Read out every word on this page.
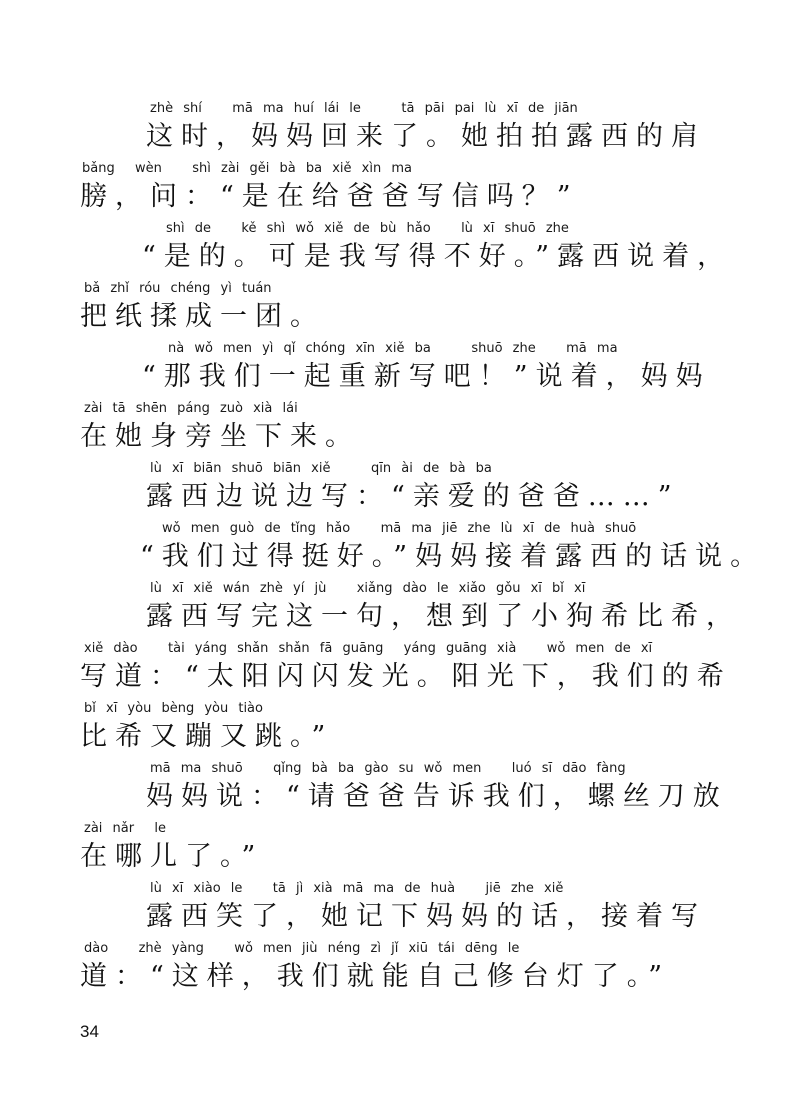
zhè shí   mā ma huí lái le    tā pāi pai lù xī de jiān
这时，妈妈回来了。她拍拍露西的肩
bǎng  wèn   shì zài gěi bà ba xiě xìn ma
膀，问：“是在给爸爸写信吗？”
shì de   kě shì wǒ xiě de bù hǎo   lù xī shuō zhe
“是的。可是我写得不好。”露西说着，
bǎ zhǐ róu chéng yì tuán
把纸揉成一团。
nà wǒ men yì qǐ chóng xīn xiě ba    shuō zhe   mā ma
“那我们一起重新写吧！”说着，妈妈
zài tā shēn páng zuò xià lái
在她身旁坐下来。
lù xī biān shuō biān xiě    qīn ài de bà ba
露西边说边写：“亲爱的爸爸……”
wǒ men guò de tǐng hǎo   mā ma jiē zhe lù xī de huà shuō
“我们过得挺好。”妈妈接着露西的话说。
lù xī xiě wán zhè yí jù   xiǎng dào le xiǎo gǒu xī bǐ xī
露西写完这一句，想到了小狗希比希，
xiě dào   tài yáng shǎn shǎn fā guāng  yáng guāng xià   wǒ men de xī
写道：“太阳闪闪发光。阳光下，我们的希
bǐ xī yòu bèng yòu tiào
比希又蹦又跳。”
mā ma shuō   qǐng bà ba gào su wǒ men   luó sī dāo fàng
妈妈说：“请爸爸告诉我们，螺丝刀放
zài nǎr  le
在哪儿了。”
lù xī xiào le   tā jì xià mā ma de huà   jiē zhe xiě
露西笑了，她记下妈妈的话，接着写
dào   zhè yàng   wǒ men jiù néng zì jǐ xiū tái dēng le
道：“这样，我们就能自己修台灯了。”
34
